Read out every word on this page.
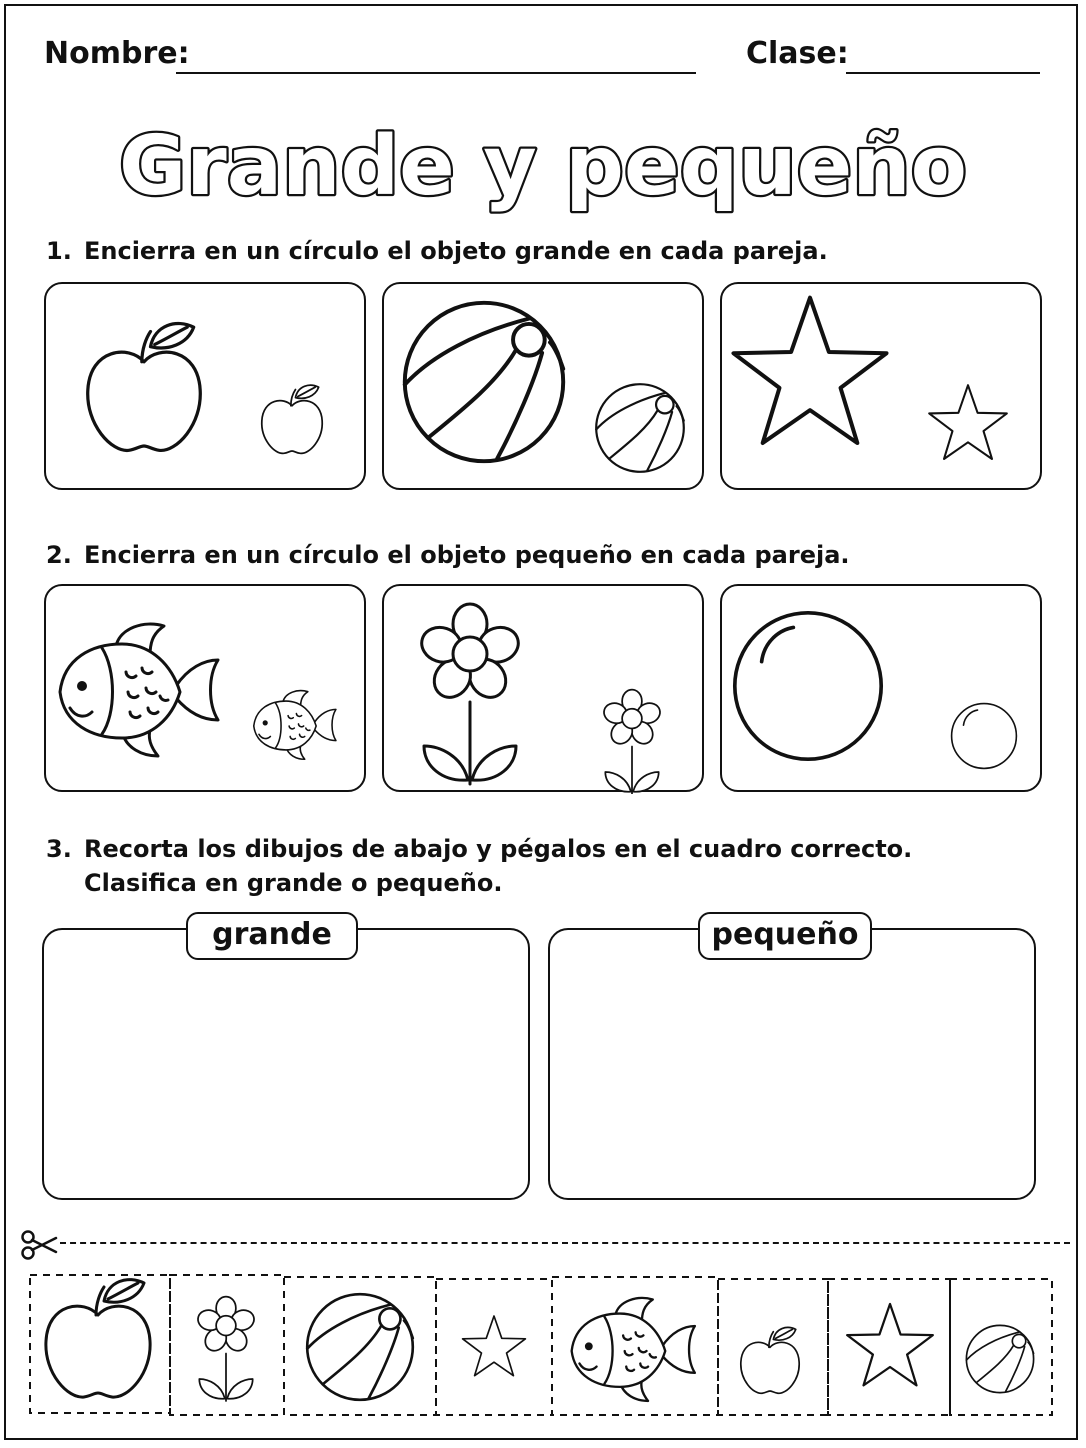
Nombre:	Clase:
Grande y pequeño
1. Encierra en un círculo el objeto grande en cada pareja.
2. Encierra en un círculo el objeto pequeño en cada pareja.
3. Recorta los dibujos de abajo y pégalos en el cuadro correcto.
Clasifica en grande o pequeño.
grande	pequeño
